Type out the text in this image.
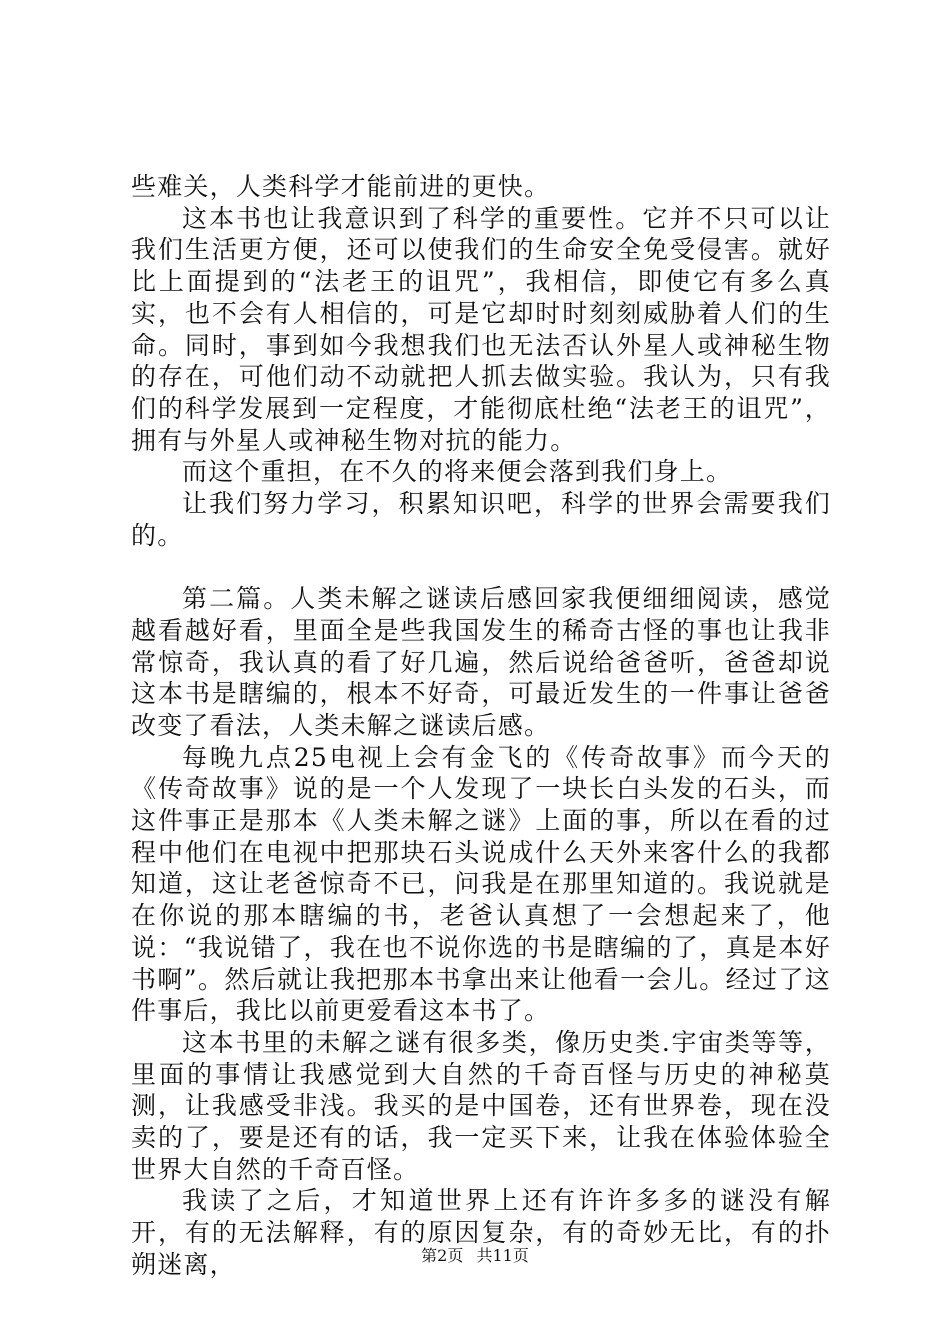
些难关，人类科学才能前进的更快。

这本书也让我意识到了科学的重要性。它并不只可以让我们生活更方便，还可以使我们的生命安全免受侵害。就好比上面提到的“法老王的诅咒”，我相信，即使它有多么真实，也不会有人相信的，可是它却时时刻刻威胁着人们的生命。同时，事到如今我想我们也无法否认外星人或神秘生物的存在，可他们动不动就把人抓去做实验。我认为，只有我们的科学发展到一定程度，才能彻底杜绝“法老王的诅咒”，拥有与外星人或神秘生物对抗的能力。

而这个重担，在不久的将来便会落到我们身上。

让我们努力学习，积累知识吧，科学的世界会需要我们的。

第二篇。人类未解之谜读后感回家我便细细阅读，感觉越看越好看，里面全是些我国发生的稀奇古怪的事也让我非常惊奇，我认真的看了好几遍，然后说给爸爸听，爸爸却说这本书是瞎编的，根本不好奇，可最近发生的一件事让爸爸改变了看法，人类未解之谜读后感。

每晚九点25电视上会有金飞的《传奇故事》而今天的《传奇故事》说的是一个人发现了一块长白头发的石头，而这件事正是那本《人类未解之谜》上面的事，所以在看的过程中他们在电视中把那块石头说成什么天外来客什么的我都知道，这让老爸惊奇不已，问我是在那里知道的。我说就是在你说的那本瞎编的书，老爸认真想了一会想起来了，他说：“我说错了，我在也不说你选的书是瞎编的了，真是本好书啊”。然后就让我把那本书拿出来让他看一会儿。经过了这件事后，我比以前更爱看这本书了。

这本书里的未解之谜有很多类，像历史类.宇宙类等等，里面的事情让我感觉到大自然的千奇百怪与历史的神秘莫测，让我感受非浅。我买的是中国卷，还有世界卷，现在没卖的了，要是还有的话，我一定买下来，让我在体验体验全世界大自然的千奇百怪。

我读了之后，才知道世界上还有许许多多的谜没有解开，有的无法解释，有的原因复杂，有的奇妙无比，有的扑朔迷离，	第2页 共11页
